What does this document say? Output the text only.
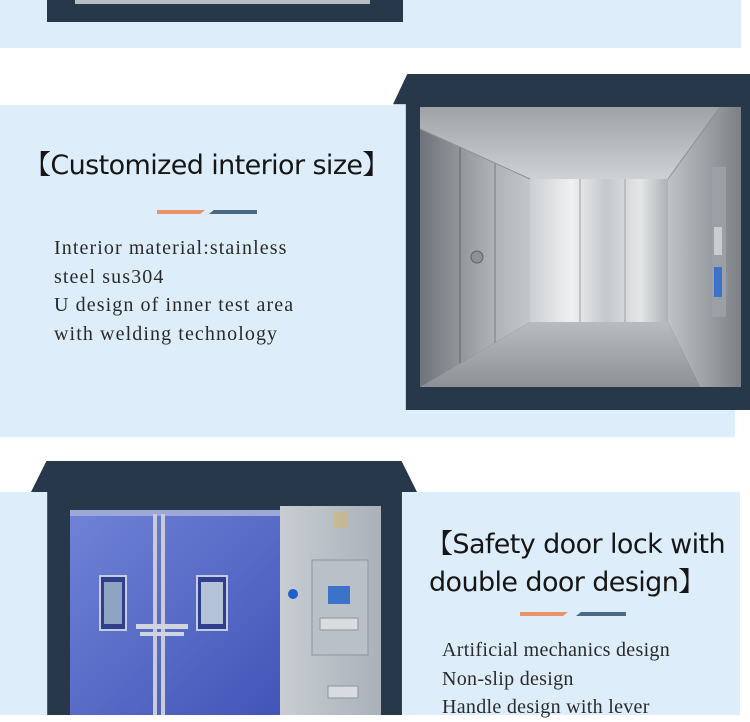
【Customized interior size】
Interior material:stainless
steel sus304
U design of inner test area
with welding technology
【Safety door lock with
double door design】
Artificial mechanics design
Non-slip design
Handle design with lever
